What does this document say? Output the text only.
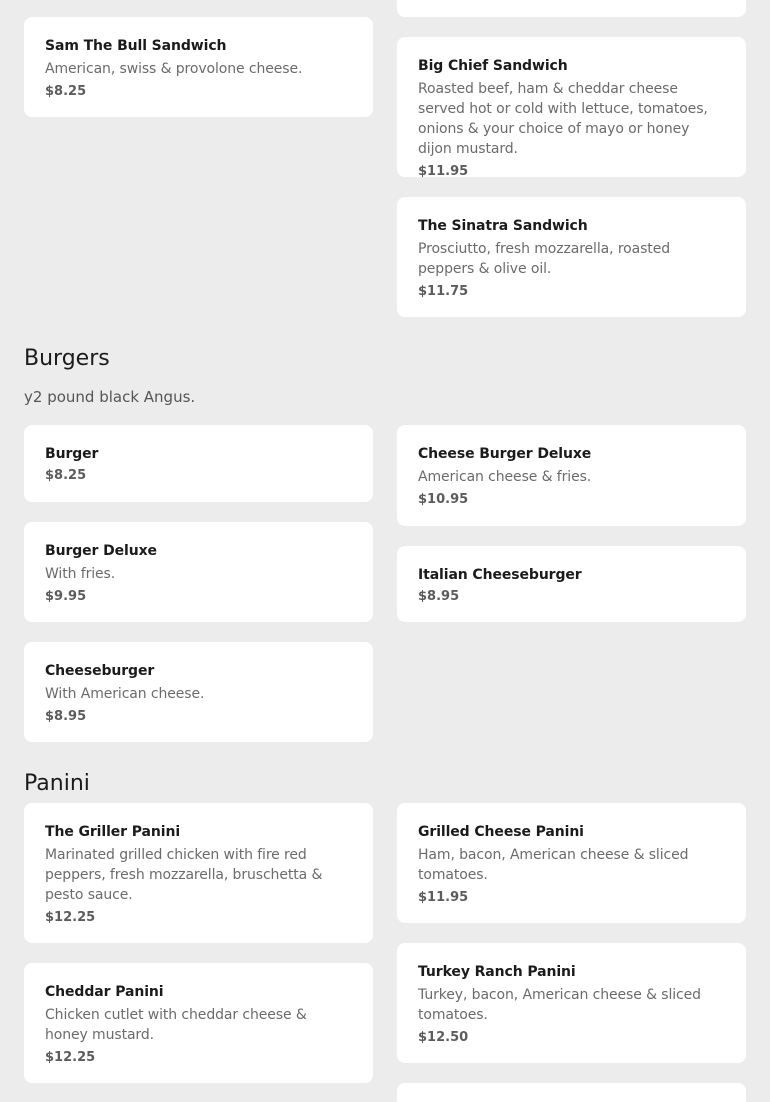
Sam The Bull Sandwich

American, swiss & provolone cheese.

$8.25

Big Chief Sandwich

Roasted beef, ham & cheddar cheese served hot or cold with lettuce, tomatoes, onions & your choice of mayo or honey dijon mustard.

$11.95

The Sinatra Sandwich

Prosciutto, fresh mozzarella, roasted peppers & olive oil.

$11.75

Burgers

y2 pound black Angus.

Burger

$8.25

Cheese Burger Deluxe

American cheese & fries.

$10.95

Burger Deluxe

With fries.

$9.95

Italian Cheeseburger

$8.95

Cheeseburger

With American cheese.

$8.95

Panini

The Griller Panini

Marinated grilled chicken with fire red peppers, fresh mozzarella, bruschetta & pesto sauce.

$12.25

Grilled Cheese Panini

Ham, bacon, American cheese & sliced tomatoes.

$11.95

Cheddar Panini

Chicken cutlet with cheddar cheese & honey mustard.

$12.25

Turkey Ranch Panini

Turkey, bacon, American cheese & sliced tomatoes.

$12.50
